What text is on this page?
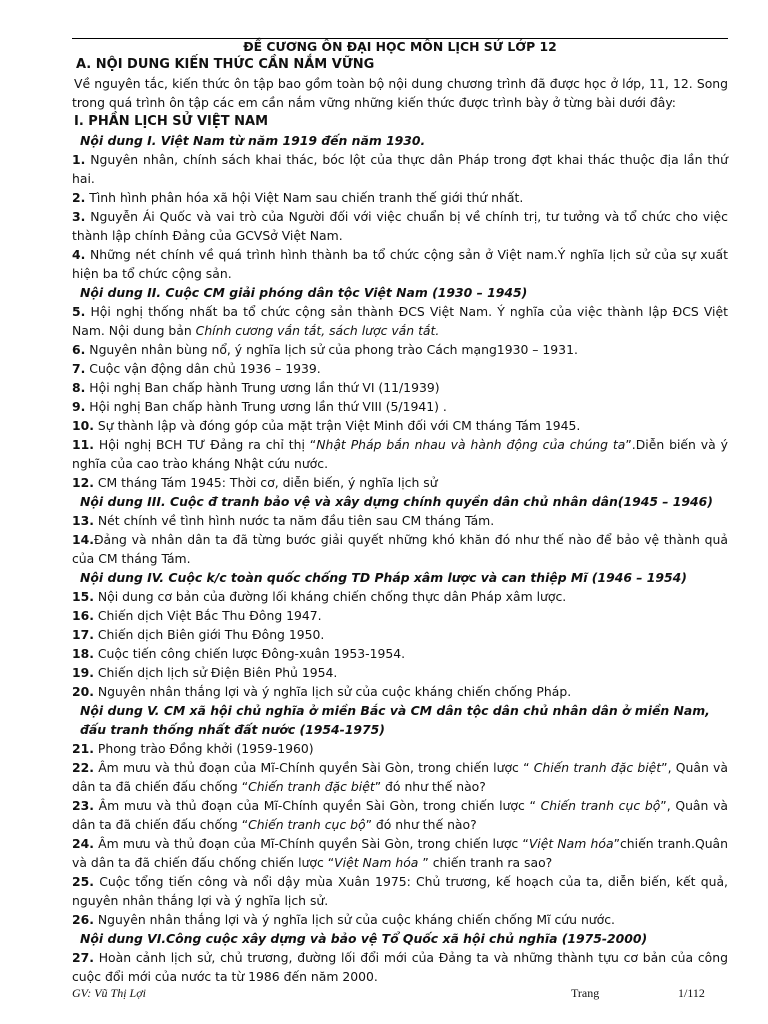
ĐỀ CƯƠNG ÔN ĐẠI HỌC MÔN LỊCH SỬ LỚP 12

A. NỘI DUNG KIẾN THỨC CẦN NẮM VỮNG

Về nguyên tắc, kiến thức ôn tập bao gồm toàn bộ nội dung chương trình đã được học ở lớp, 11, 12. Song trong quá trình ôn tập các em cần nắm vững những kiến thức được trình bày ở từng bài dưới đây:

I. PHẦN LỊCH SỬ VIỆT NAM

Nội dung I. Việt Nam từ năm 1919 đến năm 1930.

1. Nguyên nhân, chính sách khai thác, bóc lột của thực dân Pháp trong đợt khai thác thuộc địa lần thứ hai.

2. Tình hình phân hóa xã hội Việt Nam sau chiến tranh thế giới thứ nhất.

3. Nguyễn Ái Quốc và vai trò của Người đối với việc chuẩn bị về chính trị, tư tưởng và tổ chức cho việc thành lập chính Đảng của GCVSở Việt Nam.

4. Những nét chính về quá trình hình thành ba tổ chức cộng sản ở Việt nam.Ý nghĩa lịch sử của sự xuất hiện ba tổ chức cộng sản.

Nội dung II. Cuộc CM giải phóng dân tộc Việt Nam (1930 – 1945)

5. Hội nghị thống nhất ba tổ chức cộng sản thành ĐCS Việt Nam. Ý nghĩa của việc thành lập ĐCS Việt Nam. Nội dung bản Chính cương vắn tắt, sách lược vắn tắt.

6. Nguyên nhân bùng nổ, ý nghĩa lịch sử của phong trào Cách mạng1930 – 1931.

7. Cuộc vận động dân chủ 1936 – 1939.

8. Hội nghị Ban chấp hành Trung ương lần thứ VI (11/1939)

9. Hội nghị Ban chấp hành Trung ương lần thứ VIII (5/1941) .

10. Sự thành lập và đóng góp của mặt trận Việt Minh đối với CM tháng Tám 1945.

11. Hội nghị BCH TƯ Đảng ra chỉ thị “Nhật Pháp bắn nhau và hành động của chúng ta”.Diễn biến và ý nghĩa của cao trào kháng Nhật cứu nước.

12. CM tháng Tám 1945: Thời cơ, diễn biến, ý nghĩa lịch sử

Nội dung III. Cuộc đ tranh bảo vệ và xây dựng chính quyền dân chủ nhân dân(1945 – 1946)

13. Nét chính về tình hình nước ta năm đầu tiên sau CM tháng Tám.

14.Đảng và nhân dân ta đã từng bước giải quyết những khó khăn đó như thế nào để bảo vệ thành quả của CM tháng Tám.

Nội dung IV. Cuộc k/c toàn quốc chống TD Pháp xâm lược và can thiệp Mĩ (1946 – 1954)

15. Nội dung cơ bản của đường lối kháng chiến chống thực dân Pháp xâm lược.

16. Chiến dịch Việt Bắc Thu Đông 1947.

17. Chiến dịch Biên giới Thu Đông 1950.

18. Cuộc tiến công chiến lược Đông-xuân 1953-1954.

19. Chiến dịch lịch sử Điện Biên Phủ 1954.

20. Nguyên nhân thắng lợi và ý nghĩa lịch sử của cuộc kháng chiến chống Pháp.

Nội dung V. CM xã hội chủ nghĩa ở miền Bắc và CM dân tộc dân chủ nhân dân ở miền Nam, đấu tranh thống nhất đất nước (1954-1975)

21. Phong trào Đồng khởi (1959-1960)

22. Âm mưu và thủ đoạn của Mĩ-Chính quyền Sài Gòn, trong chiến lược “ Chiến tranh đặc biệt”, Quân và dân ta đã chiến đấu chống “Chiến tranh đặc biệt” đó như thế nào?

23. Âm mưu và thủ đoạn của Mĩ-Chính quyền Sài Gòn, trong chiến lược “ Chiến tranh cục bộ”, Quân và dân ta đã chiến đấu chống “Chiến tranh cục bộ” đó như thế nào?

24. Âm mưu và thủ đoạn của Mĩ-Chính quyền Sài Gòn, trong chiến lược “Việt Nam hóa”chiến tranh.Quân và dân ta đã chiến đấu chống chiến lược “Việt Nam hóa ” chiến tranh ra sao?

25. Cuộc tổng tiến công và nổi dậy mùa Xuân 1975: Chủ trương, kế hoạch của ta, diễn biến, kết quả, nguyên nhân thắng lợi và ý nghĩa lịch sử.

26. Nguyên nhân thắng lợi và ý nghĩa lịch sử của cuộc kháng chiến chống Mĩ cứu nước.

Nội dung VI.Công cuộc xây dựng và bảo vệ Tổ Quốc xã hội chủ nghĩa (1975-2000)

27. Hoàn cảnh lịch sử, chủ trương, đường lối đổi mới của Đảng ta và những thành tựu cơ bản của công cuộc đổi mới của nước ta từ 1986 đến năm 2000.

GV: Vũ Thị Lợi	Trang	1/112
